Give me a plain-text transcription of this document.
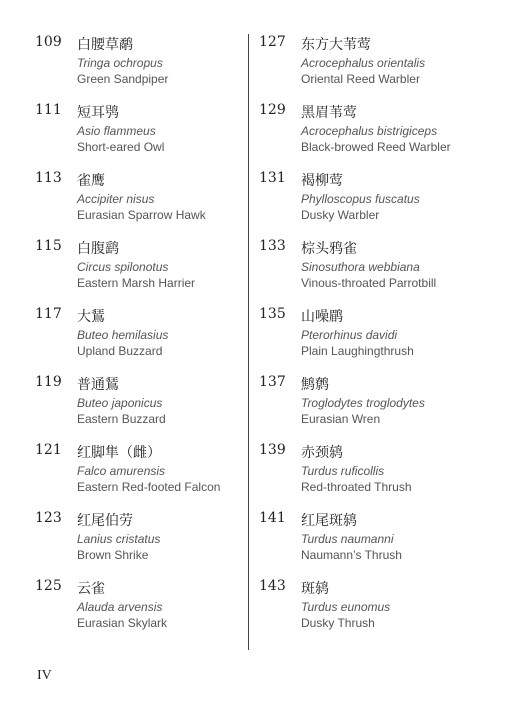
109 白腰草鹬
Tringa ochropus
Green Sandpiper
111 短耳鸮
Asio flammeus
Short-eared Owl
113 雀鹰
Accipiter nisus
Eurasian Sparrow Hawk
115 白腹鹞
Circus spilonotus
Eastern Marsh Harrier
117 大鵟
Buteo hemilasius
Upland Buzzard
119 普通鵟
Buteo japonicus
Eastern Buzzard
121 红脚隼（雌）
Falco amurensis
Eastern Red-footed Falcon
123 红尾伯劳
Lanius cristatus
Brown Shrike
125 云雀
Alauda arvensis
Eurasian Skylark
127 东方大苇莺
Acrocephalus orientalis
Oriental Reed Warbler
129 黑眉苇莺
Acrocephalus bistrigiceps
Black-browed Reed Warbler
131 褐柳莺
Phylloscopus fuscatus
Dusky Warbler
133 棕头鸦雀
Sinosuthora webbiana
Vinous-throated Parrotbill
135 山噪鹛
Pterorhinus davidi
Plain Laughingthrush
137 鹪鹩
Troglodytes troglodytes
Eurasian Wren
139 赤颈鸫
Turdus ruficollis
Red-throated Thrush
141 红尾斑鸫
Turdus naumanni
Naumann’s Thrush
143 斑鸫
Turdus eunomus
Dusky Thrush
IV
